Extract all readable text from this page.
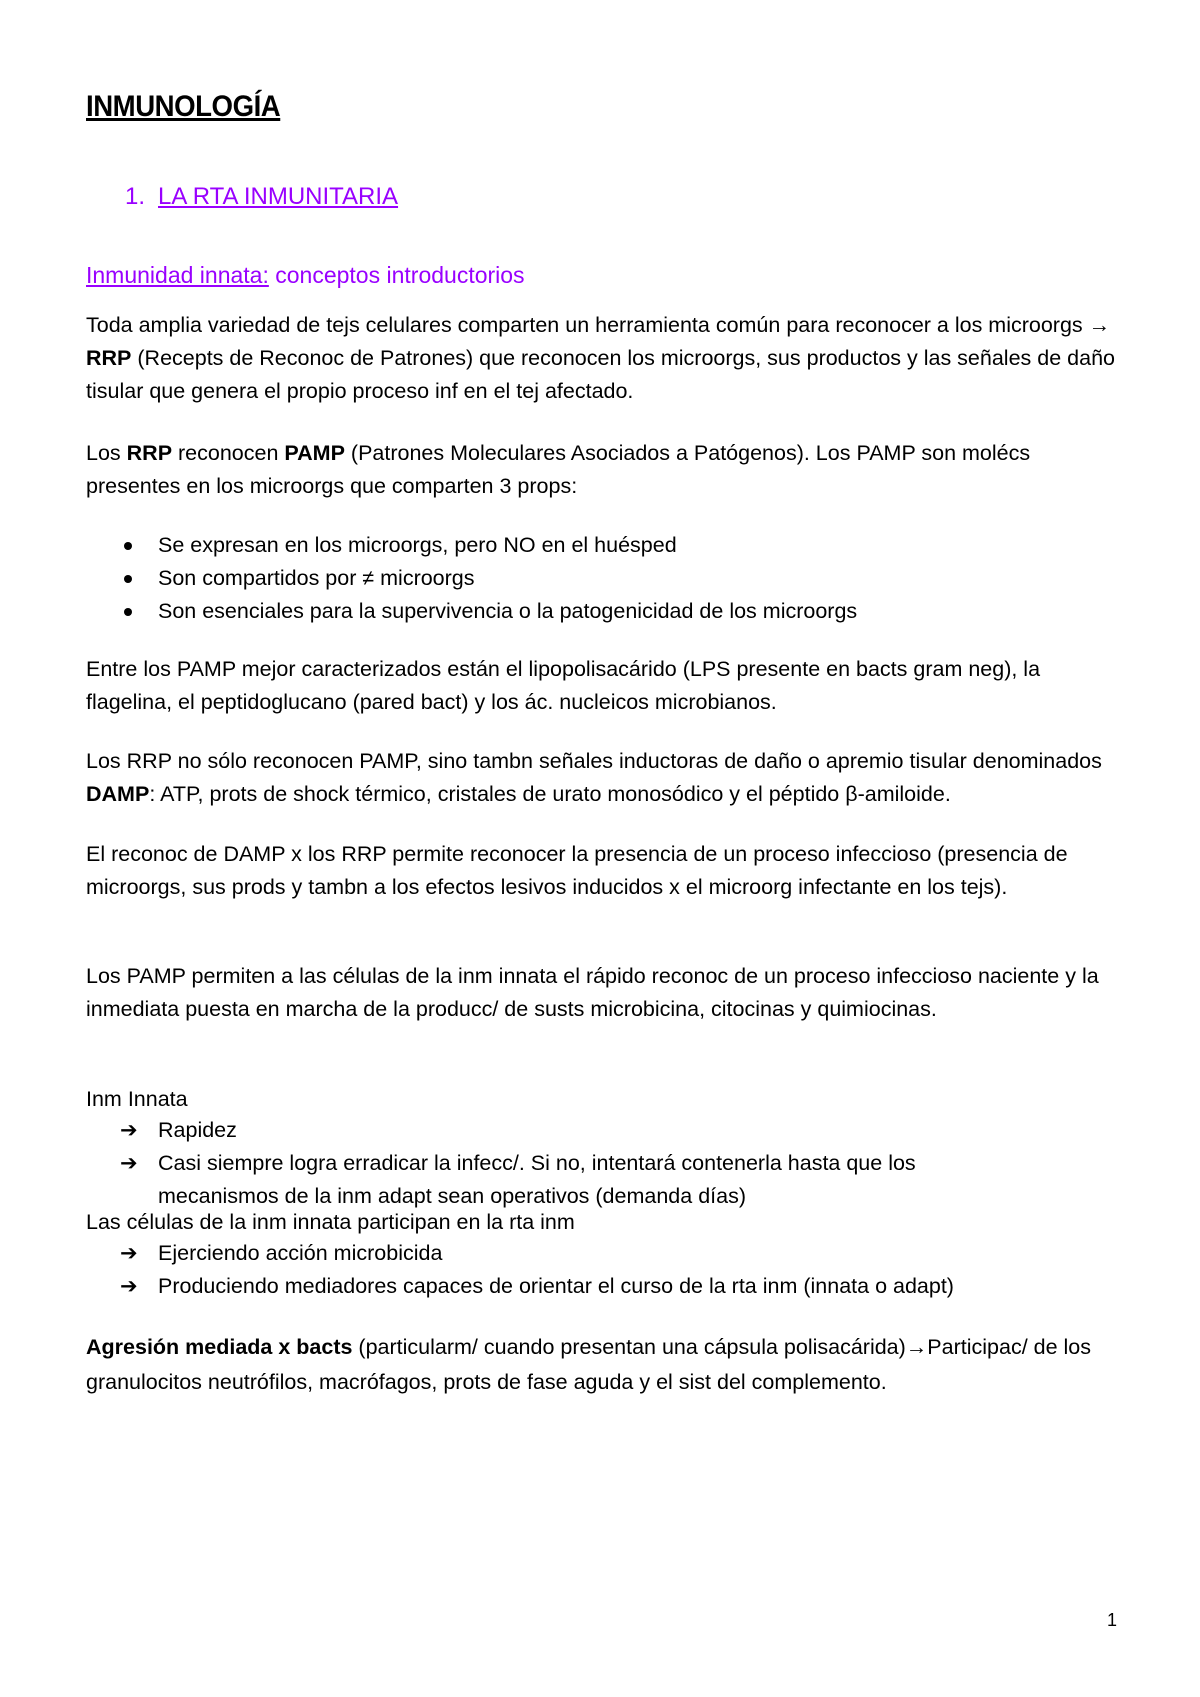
INMUNOLOGÍA
1. LA RTA INMUNITARIA
Inmunidad innata: conceptos introductorios
Toda amplia variedad de tejs celulares comparten un herramienta común para reconocer a los microorgs → RRP (Recepts de Reconoc de Patrones) que reconocen los microorgs, sus productos y las señales de daño tisular que genera el propio proceso inf en el tej afectado.
Los RRP reconocen PAMP (Patrones Moleculares Asociados a Patógenos). Los PAMP son moléc​s presentes en los microorgs que comparten 3 props:
Se expresan en los microorgs, pero NO en el huésped
Son compartidos por ≠ microorgs
Son esenciales para la supervivencia o la patogenicidad de los microorgs
Entre los PAMP mejor caracterizados están el lipopolisacárido (LPS presente en bacts gram neg), la flagelina, el peptidoglucano (pared bact) y los ác. nucleicos microbianos.
Los RRP no sólo reconocen PAMP, sino tambn señales inductoras de daño o apremio tisular denominados DAMP: ATP, prots de shock térmico, cristales de urato monosódico y el péptido β-amiloide.
El reconoc de DAMP x los RRP permite reconocer la presencia de un proceso infeccioso (presencia de microorgs, sus prods y tambn a los efectos lesivos inducidos x el microorg infectante en los tejs).
Los PAMP permiten a las células de la inm innata el rápido reconoc de un proceso infeccioso naciente y la inmediata puesta en marcha de la producc/ de susts microbicina, citocinas y quimiocinas.
Inm Innata
➔ Rapidez
➔ Casi siempre logra erradicar la infecc/. Si no, intentará contenerla hasta que los mecanismos de la inm adapt sean operativos (demanda días)
Las células de la inm innata participan en la rta inm
➔ Ejerciendo acción microbicida
➔ Produciendo mediadores capaces de orientar el curso de la rta inm (innata o adapt)
Agresión mediada x bacts (particularm/ cuando presentan una cápsula polisacárida)→Participac/ de los granulocitos neutrófilos, macrófagos, prots de fase aguda y el sist del complemento.
1
